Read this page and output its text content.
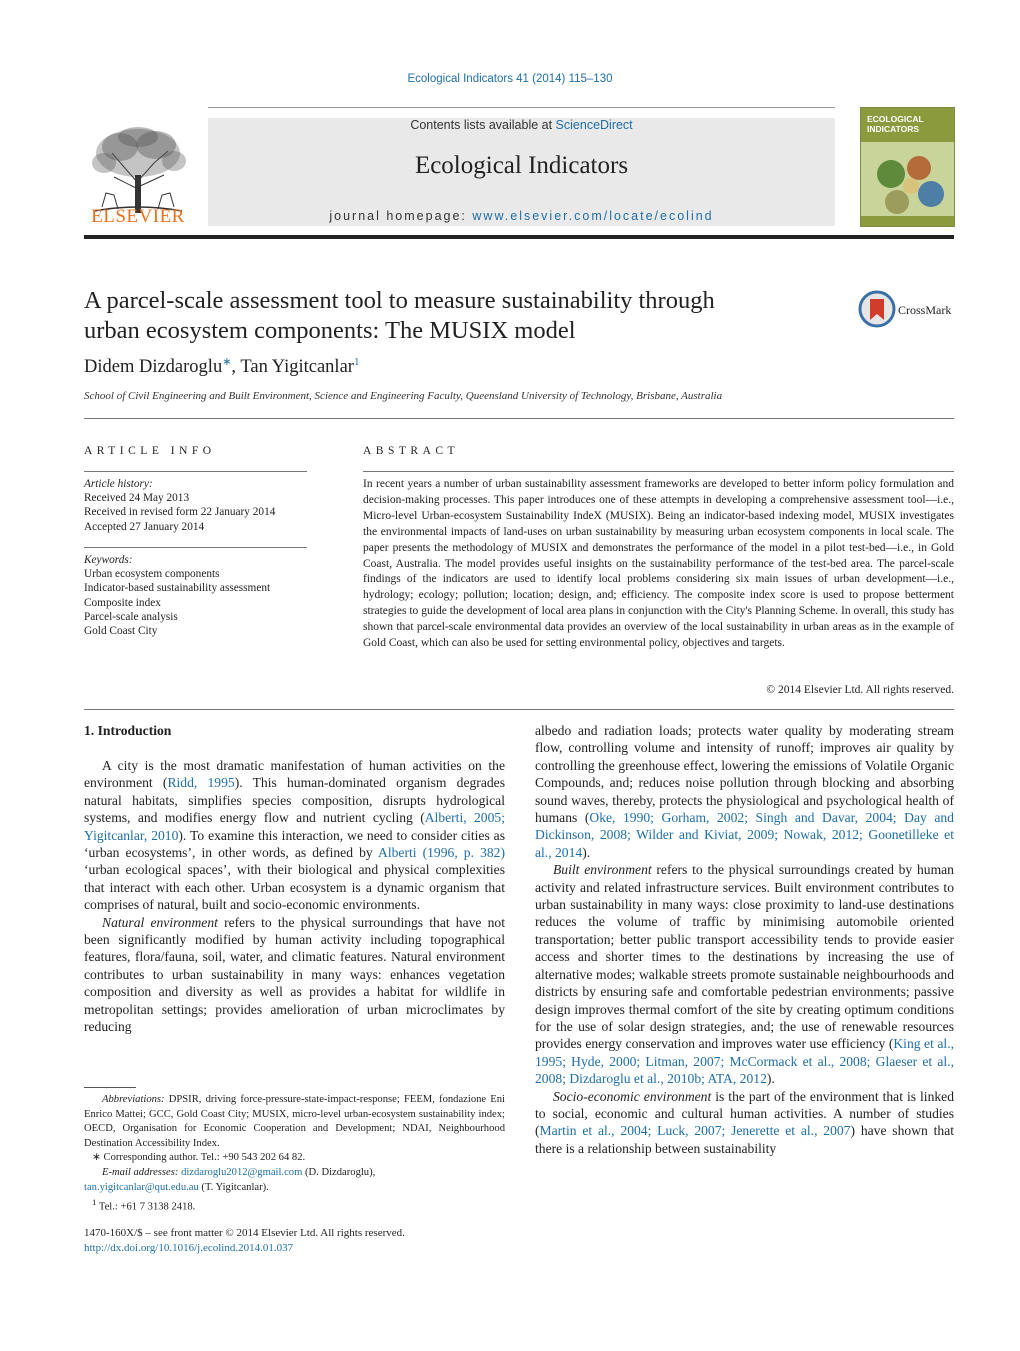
Ecological Indicators 41 (2014) 115–130
ELSEVIER
Contents lists available at ScienceDirect
Ecological Indicators
journal homepage: www.elsevier.com/locate/ecolind
ECOLOGICAL
INDICATORS
A parcel-scale assessment tool to measure sustainability through
urban ecosystem components: The MUSIX model
CrossMark
Didem Dizdaroglu∗, Tan Yigitcanlar$^1$
School of Civil Engineering and Built Environment, Science and Engineering Faculty, Queensland University of Technology, Brisbane, Australia
ARTICLE INFO
Article history:
Received 24 May 2013
Received in revised form 22 January 2014
Accepted 27 January 2014
Keywords:
Urban ecosystem components
Indicator-based sustainability assessment
Composite index
Parcel-scale analysis
Gold Coast City
ABSTRACT
In recent years a number of urban sustainability assessment frameworks are developed to better inform policy formulation and decision-making processes. This paper introduces one of these attempts in developing a comprehensive assessment tool—i.e., Micro-level Urban-ecosystem Sustainability IndeX (MUSIX). Being an indicator-based indexing model, MUSIX investigates the environmental impacts of land-uses on urban sustainability by measuring urban ecosystem components in local scale. The paper presents the methodology of MUSIX and demonstrates the performance of the model in a pilot test-bed—i.e., in Gold Coast, Australia. The model provides useful insights on the sustainability performance of the test-bed area. The parcel-scale findings of the indicators are used to identify local problems considering six main issues of urban development—i.e., hydrology; ecology; pollution; location; design, and; efficiency. The composite index score is used to propose betterment strategies to guide the development of local area plans in conjunction with the City's Planning Scheme. In overall, this study has shown that parcel-scale environmental data provides an overview of the local sustainability in urban areas as in the example of Gold Coast, which can also be used for setting environmental policy, objectives and targets.
© 2014 Elsevier Ltd. All rights reserved.
1. Introduction

A city is the most dramatic manifestation of human activities on the environment (Ridd, 1995). This human-dominated organism degrades natural habitats, simplifies species composition, disrupts hydrological systems, and modifies energy flow and nutrient cycling (Alberti, 2005; Yigitcanlar, 2010). To examine this interaction, we need to consider cities as ‘urban ecosystems’, in other words, as defined by Alberti (1996, p. 382) ‘urban ecological spaces’, with their biological and physical complexities that interact with each other. Urban ecosystem is a dynamic organism that comprises of natural, built and socio-economic environments.

Natural environment refers to the physical surroundings that have not been significantly modified by human activity including topographical features, flora/fauna, soil, water, and climatic features. Natural environment contributes to urban sustainability in many ways: enhances vegetation composition and diversity as well as provides a habitat for wildlife in metropolitan settings; provides amelioration of urban microclimates by reducing

albedo and radiation loads; protects water quality by moderating stream flow, controlling volume and intensity of runoff; improves air quality by controlling the greenhouse effect, lowering the emissions of Volatile Organic Compounds, and; reduces noise pollution through blocking and absorbing sound waves, thereby, protects the physiological and psychological health of humans (Oke, 1990; Gorham, 2002; Singh and Davar, 2004; Day and Dickinson, 2008; Wilder and Kiviat, 2009; Nowak, 2012; Goonetilleke et al., 2014).

Built environment refers to the physical surroundings created by human activity and related infrastructure services. Built environment contributes to urban sustainability in many ways: close proximity to land-use destinations reduces the volume of traffic by minimising automobile oriented transportation; better public transport accessibility tends to provide easier access and shorter times to the destinations by increasing the use of alternative modes; walkable streets promote sustainable neighbourhoods and districts by ensuring safe and comfortable pedestrian environments; passive design improves thermal comfort of the site by creating optimum conditions for the use of solar design strategies, and; the use of renewable resources provides energy conservation and improves water use efficiency (King et al., 1995; Hyde, 2000; Litman, 2007; McCormack et al., 2008; Glaeser et al., 2008; Dizdaroglu et al., 2010b; ATA, 2012).

Socio-economic environment is the part of the environment that is linked to social, economic and cultural human activities. A number of studies (Martin et al., 2004; Luck, 2007; Jenerette et al., 2007) have shown that there is a relationship between sustainability

Abbreviations: DPSIR, driving force-pressure-state-impact-response; FEEM, fondazione Eni Enrico Mattei; GCC, Gold Coast City; MUSIX, micro-level urban-ecosystem sustainability index; OECD, Organisation for Economic Cooperation and Development; NDAI, Neighbourhood Destination Accessibility Index.
∗ Corresponding author. Tel.: +90 543 202 64 82.
E-mail addresses: dizdaroglu2012@gmail.com (D. Dizdaroglu),
tan.yigitcanlar@qut.edu.au (T. Yigitcanlar).
$^1$ Tel.: +61 7 3138 2418.
1470-160X/$ – see front matter © 2014 Elsevier Ltd. All rights reserved.
http://dx.doi.org/10.1016/j.ecolind.2014.01.037
